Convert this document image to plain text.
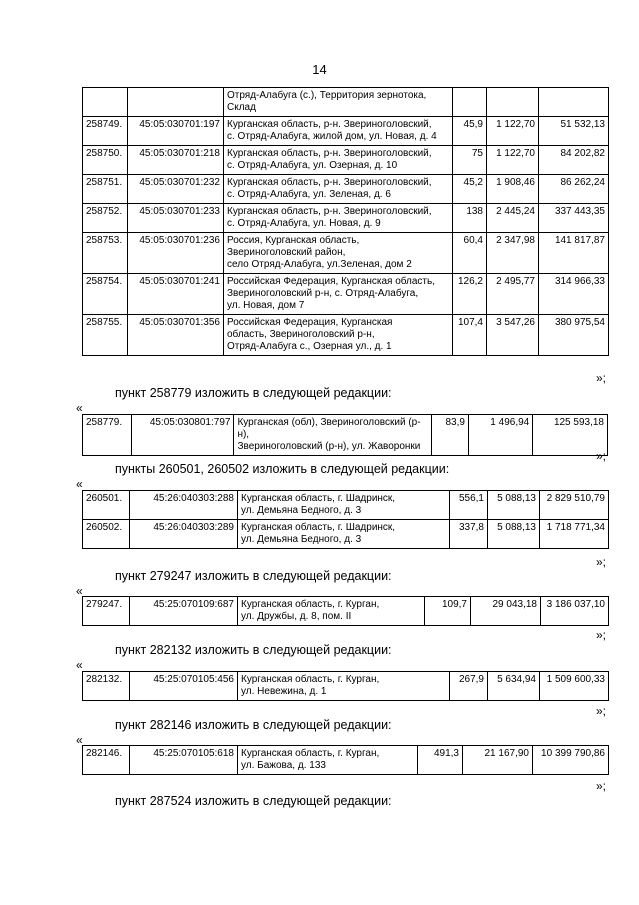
14
		Отряд-Алабуга (с.), Территория зернотока,
Склад			
258749.	45:05:030701:197	Курганская область, р-н. Звериноголовский,
с. Отряд-Алабуга, жилой дом, ул. Новая, д. 4	45,9	1 122,70	51 532,13
258750.	45:05:030701:218	Курганская область, р-н. Звериноголовский,
с. Отряд-Алабуга, ул. Озерная, д. 10	75	1 122,70	84 202,82
258751.	45:05:030701:232	Курганская область, р-н. Звериноголовский,
с. Отряд-Алабуга, ул. Зеленая, д. 6	45,2	1 908,46	86 262,24
258752.	45:05:030701:233	Курганская область, р-н. Звериноголовский,
с. Отряд-Алабуга, ул. Новая, д. 9	138	2 445,24	337 443,35
258753.	45:05:030701:236	Россия, Курганская область,
Звериноголовский район,
село Отряд-Алабуга, ул.Зеленая, дом 2	60,4	2 347,98	141 817,87
258754.	45:05:030701:241	Российская Федерация, Курганская область,
Звериноголовский р-н, с. Отряд-Алабуга,
ул. Новая, дом 7	126,2	2 495,77	314 966,33
258755.	45:05:030701:356	Российская Федерация, Курганская
область, Звериноголовский р-н,
Отряд-Алабуга с., Озерная ул., д. 1	107,4	3 547,26	380 975,54
»;
пункт 258779 изложить в следующей редакции:
«
258779.	45:05:030801:797	Курганская (обл), Звериноголовский (р-н),
Звериноголовский (р-н), ул. Жаворонки	83,9	1 496,94	125 593,18
»;
пункты 260501, 260502 изложить в следующей редакции:
«
260501.	45:26:040303:288	Курганская область, г. Шадринск,
ул. Демьяна Бедного, д. 3	556,1	5 088,13	2 829 510,79
260502.	45:26:040303:289	Курганская область, г. Шадринск,
ул. Демьяна Бедного, д. 3	337,8	5 088,13	1 718 771,34
»;
пункт 279247 изложить в следующей редакции:
«
279247.	45:25:070109:687	Курганская область, г. Курган,
ул. Дружбы, д. 8, пом. II	109,7	29 043,18	3 186 037,10
»;
пункт 282132 изложить в следующей редакции:
«
282132.	45:25:070105:456	Курганская область, г. Курган,
ул. Невежина, д. 1	267,9	5 634,94	1 509 600,33
»;
пункт 282146 изложить в следующей редакции:
«
282146.	45:25:070105:618	Курганская область, г. Курган,
ул. Бажова, д. 133	491,3	21 167,90	10 399 790,86
»;
пункт 287524 изложить в следующей редакции:
